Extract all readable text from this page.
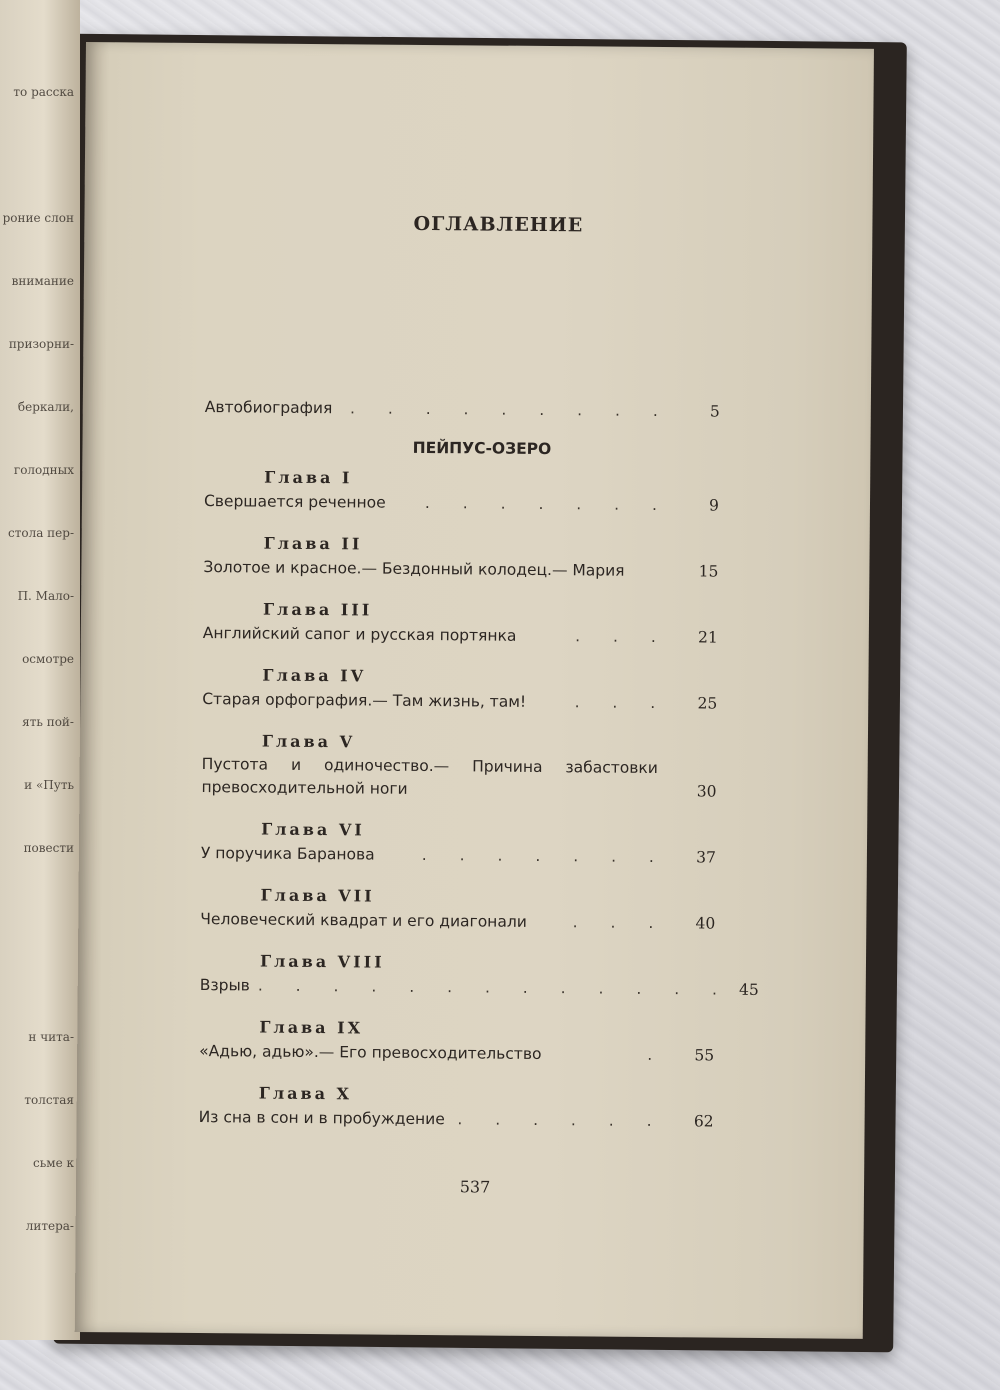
то расска

роние слон

внимание

призорни-

беркали,

голодных

стола пер-

П. Мало-

осмотре

ять пой-

и «Путь

повести

н чита-

толстая

сьме к

литера-

ОГЛАВЛЕНИЕ
Автобиография	. . . . . . . . .	5
ПЕЙПУС-ОЗЕРО
Глава I
Свершается реченное	. . . . . . .	9
Глава II
Золотое и красное.— Бездонный колодец.— Мария	15
Глава III
Английский сапог и русская портянка	. . .	21
Глава IV
Старая орфография.— Там жизнь, там!	. . .	25
Глава V
Пустота и одиночество.— Причина забастовки
превосходительной ноги	30
Глава VI
У поручика Баранова	. . . . . . .	37
Глава VII
Человеческий квадрат и его диагонали	. . .	40
Глава VIII
Взрыв . . . . . . . . . . . . . 45
Глава IX
«Адью, адью».— Его превосходительство	.	55
Глава X
Из сна в сон и в пробуждение . . . . . .	62
537
